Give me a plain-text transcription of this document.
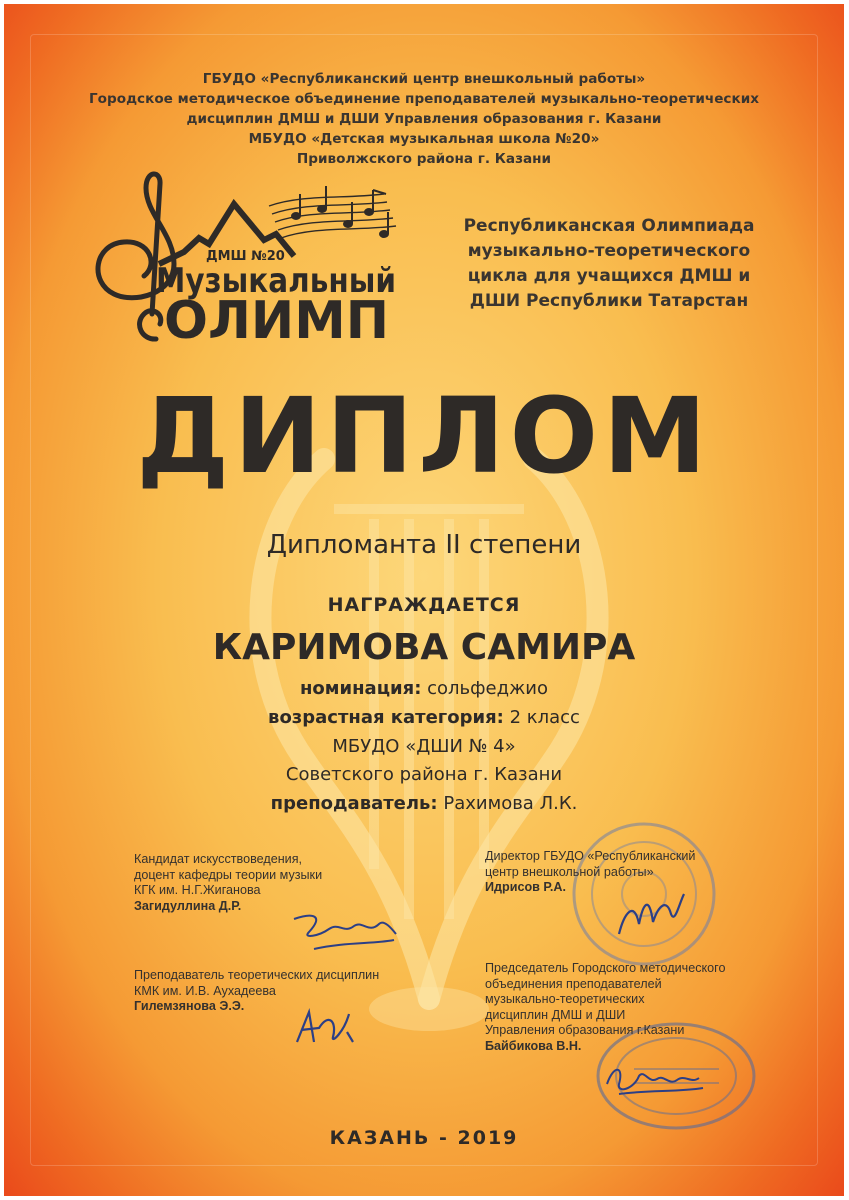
ГБУДО «Республиканский центр внешкольный работы»
Городское методическое объединение преподавателей музыкально-теоретических
дисциплин ДМШ и ДШИ Управления образования г. Казани
МБУДО «Детская музыкальная школа №20»
Приволжского района г. Казани
ДМШ №20
Музыкальный
ОЛИМП
Республиканская Олимпиада
музыкально-теоретического
цикла для учащихся ДМШ и
ДШИ Республики Татарстан
ДИПЛОМ
Дипломанта II степени
НАГРАЖДАЕТСЯ
КАРИМОВА САМИРА
номинация: сольфеджио
возрастная категория: 2 класс
МБУДО «ДШИ № 4»
Советского района г. Казани
преподаватель: Рахимова Л.К.
Кандидат искусствоведения,
доцент кафедры теории музыки
КГК им. Н.Г.Жиганова
Загидуллина Д.Р.
Преподаватель теоретических дисциплин
КМК им. И.В. Аухадеева
Гилемзянова Э.Э.
Директор ГБУДО «Республиканский
центр внешкольной работы»
Идрисов Р.А.
Председатель Городского методического
объединения преподавателей
музыкально-теоретических
дисциплин ДМШ и ДШИ
Управления образования г.Казани
Байбикова В.Н.
КАЗАНЬ - 2019
